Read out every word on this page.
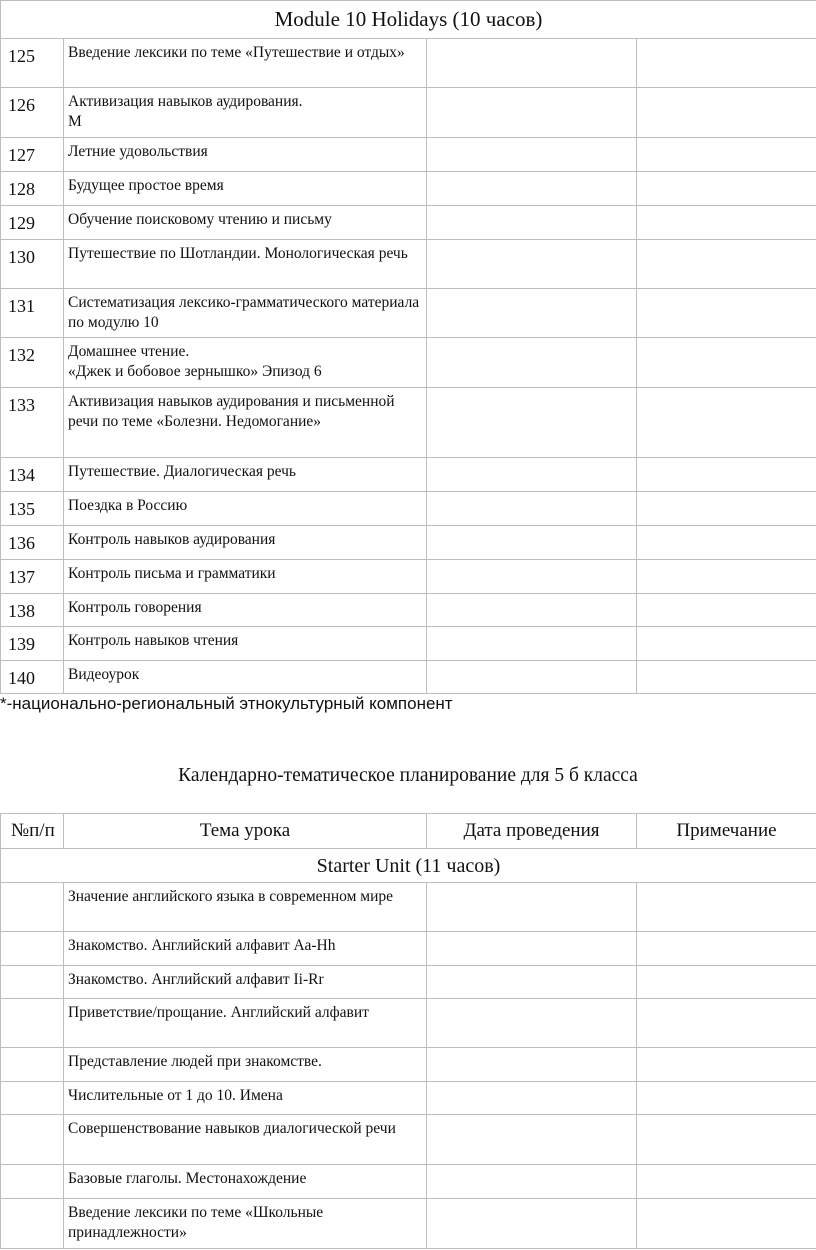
Module 10 Holidays (10 часов)			
125	Введение лексики по теме «Путешествие и отдых»		
126	Активизация навыков аудирования.
М		
127	Летние удовольствия		
128	Будущее простое время		
129	Обучение поисковому чтению и письму		
130	Путешествие по Шотландии. Монологическая речь		
131	Систематизация лексико-грамматического материала по модулю 10		
132	Домашнее чтение.
«Джек и бобовое зернышко» Эпизод 6		
133	Активизация навыков аудирования и письменной речи по теме «Болезни. Недомогание»		
134	Путешествие. Диалогическая речь		
135	Поездка в Россию		
136	Контроль навыков аудирования		
137	Контроль письма и грамматики		
138	Контроль говорения		
139	Контроль навыков чтения		
140	Видеоурок		
*-национально-региональный этнокультурный компонент
Календарно-тематическое планирование для 5 б класса
№п/п	Тема урока	Дата проведения	Примечание
Starter Unit (11 часов)			
	Значение английского языка в современном мире		
	Знакомство. Английский алфавит Аа-Hh		
	Знакомство. Английский алфавит Ii-Rr		
	Приветствие/прощание. Английский алфавит		
	Представление людей при знакомстве.		
	Числительные от 1 до 10. Имена		
	Совершенствование навыков диалогической речи		
	Базовые глаголы. Местонахождение		
	Введение лексики по теме «Школьные принадлежности»		
